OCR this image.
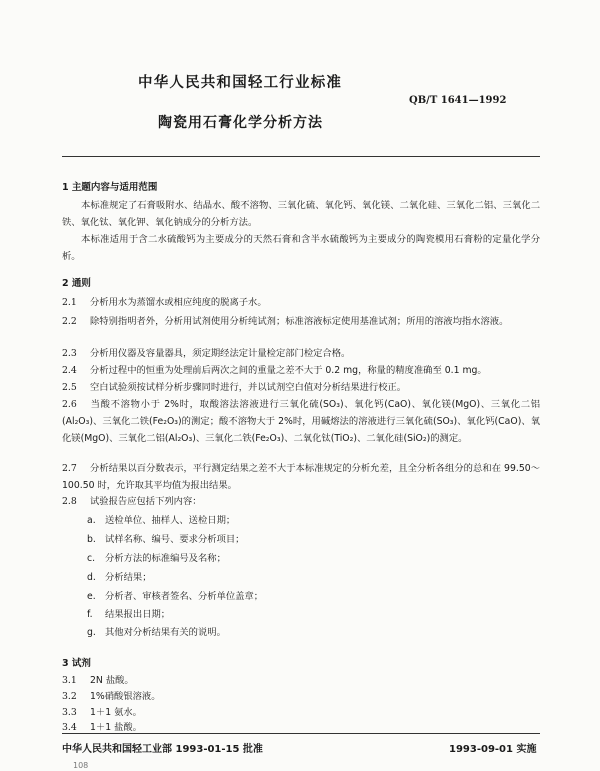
中华人民共和国轻工行业标准
QB/T 1641—1992
陶瓷用石膏化学分析方法
1 主题内容与适用范围
本标准规定了石膏吸附水、结晶水、酸不溶物、三氧化硫、氧化钙、氧化镁、二氧化硅、三氧化二铝、三氧化二铁、氧化钛、氧化钾、氧化钠成分的分析方法。
本标准适用于含二水硫酸钙为主要成分的天然石膏和含半水硫酸钙为主要成分的陶瓷模用石膏粉的定量化学分析。
2 通则
2.1 分析用水为蒸馏水或相应纯度的脱离子水。
2.2 除特别指明者外，分析用试剂使用分析纯试剂；标准溶液标定使用基准试剂；所用的溶液均指水溶液。
2.3 分析用仪器及容量器具，须定期经法定计量检定部门检定合格。
2.4 分析过程中的恒重为处理前后两次之间的重量之差不大于 0.2 mg，称量的精度准确至 0.1 mg。
2.5 空白试验须按试样分析步骤同时进行，并以试剂空白值对分析结果进行校正。
2.6 当酸不溶物小于 2%时，取酸溶法溶液进行三氧化硫(SO₃)、氧化钙(CaO)、氧化镁(MgO)、三氧化二铝(Al₂O₃)、三氧化二铁(Fe₂O₃)的测定；酸不溶物大于 2%时，用碱熔法的溶液进行三氧化硫(SO₃)、氧化钙(CaO)、氧化镁(MgO)、三氧化二铝(Al₂O₃)、三氧化二铁(Fe₂O₃)、二氧化钛(TiO₂)、二氧化硅(SiO₂)的测定。
2.7 分析结果以百分数表示，平行测定结果之差不大于本标准规定的分析允差，且全分析各组分的总和在 99.50～100.50 时，允许取其平均值为报出结果。
2.8 试验报告应包括下列内容：
a. 送检单位、抽样人、送检日期；
b. 试样名称、编号、要求分析项目；
c. 分析方法的标准编号及名称；
d. 分析结果；
e. 分析者、审核者签名、分析单位盖章；
f. 结果报出日期；
g. 其他对分析结果有关的说明。
3 试剂
3.1 2N 盐酸。
3.2 1%硝酸银溶液。
3.3 1＋1 氨水。
3.4 1＋1 盐酸。
中华人民共和国轻工业部 1993-01-15 批准	1993-09-01 实施
108
